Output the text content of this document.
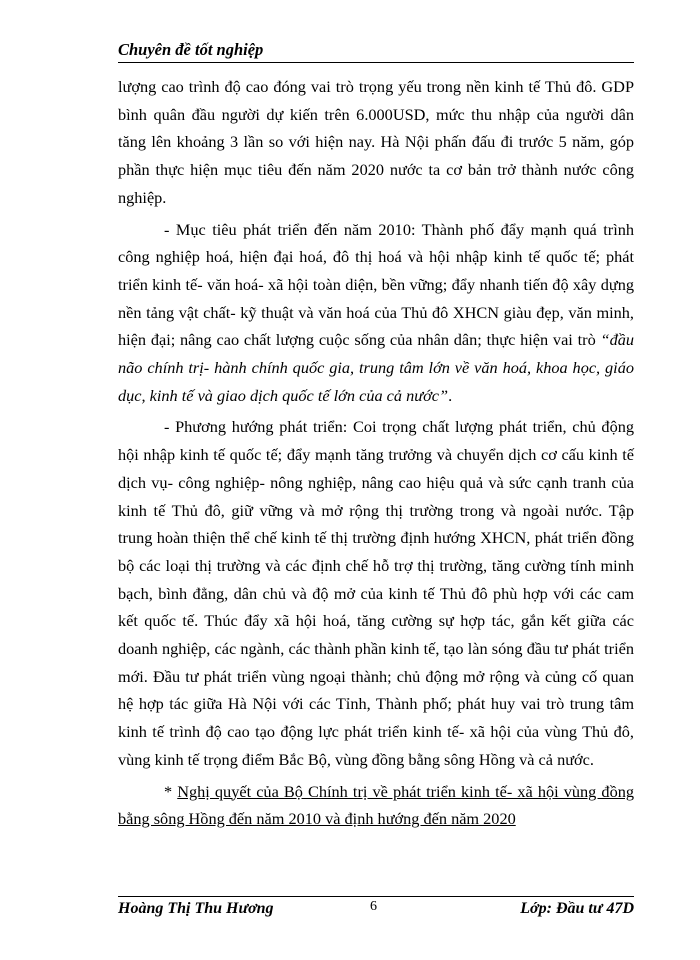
Chuyên đề tốt nghiệp

lượng cao trình độ cao đóng vai trò trọng yếu trong nền kinh tế Thủ đô. GDP bình quân đầu người dự kiến trên 6.000USD, mức thu nhập của người dân tăng lên khoảng 3 lần so với hiện nay. Hà Nội phấn đấu đi trước 5 năm, góp phần thực hiện mục tiêu đến năm 2020 nước ta cơ bản trở thành nước công nghiệp.

- Mục tiêu phát triển đến năm 2010: Thành phố đẩy mạnh quá trình công nghiệp hoá, hiện đại hoá, đô thị hoá và hội nhập kinh tế quốc tế; phát triển kinh tế- văn hoá- xã hội toàn diện, bền vững; đẩy nhanh tiến độ xây dựng nền tảng vật chất- kỹ thuật và văn hoá của Thủ đô XHCN giàu đẹp, văn minh, hiện đại; nâng cao chất lượng cuộc sống của nhân dân; thực hiện vai trò “đầu não chính trị- hành chính quốc gia, trung tâm lớn về văn hoá, khoa học, giáo dục, kinh tế và giao dịch quốc tế lớn của cả nước”.

- Phương hướng phát triển: Coi trọng chất lượng phát triển, chủ động hội nhập kinh tế quốc tế; đẩy mạnh tăng trưởng và chuyển dịch cơ cấu kinh tế dịch vụ- công nghiệp- nông nghiệp, nâng cao hiệu quả và sức cạnh tranh của kinh tế Thủ đô, giữ vững và mở rộng thị trường trong và ngoài nước. Tập trung hoàn thiện thể chế kinh tế thị trường định hướng XHCN, phát triển đồng bộ các loại thị trường và các định chế hỗ trợ thị trường, tăng cường tính minh bạch, bình đẳng, dân chủ và độ mở của kinh tế Thủ đô phù hợp với các cam kết quốc tế. Thúc đẩy xã hội hoá, tăng cường sự hợp tác, gắn kết giữa các doanh nghiệp, các ngành, các thành phần kinh tế, tạo làn sóng đầu tư phát triển mới. Đầu tư phát triển vùng ngoại thành; chủ động mở rộng và củng cố quan hệ hợp tác giữa Hà Nội với các Tỉnh, Thành phố; phát huy vai trò trung tâm kinh tế trình độ cao tạo động lực phát triển kinh tế- xã hội của vùng Thủ đô, vùng kinh tế trọng điểm Bắc Bộ, vùng đồng bằng sông Hồng và cả nước.

* Nghị quyết của Bộ Chính trị về phát triển kinh tế- xã hội vùng đồng bằng sông Hồng đến năm 2010 và định hướng đến năm 2020

Hoàng Thị Thu Hương	6	Lớp: Đầu tư 47D
